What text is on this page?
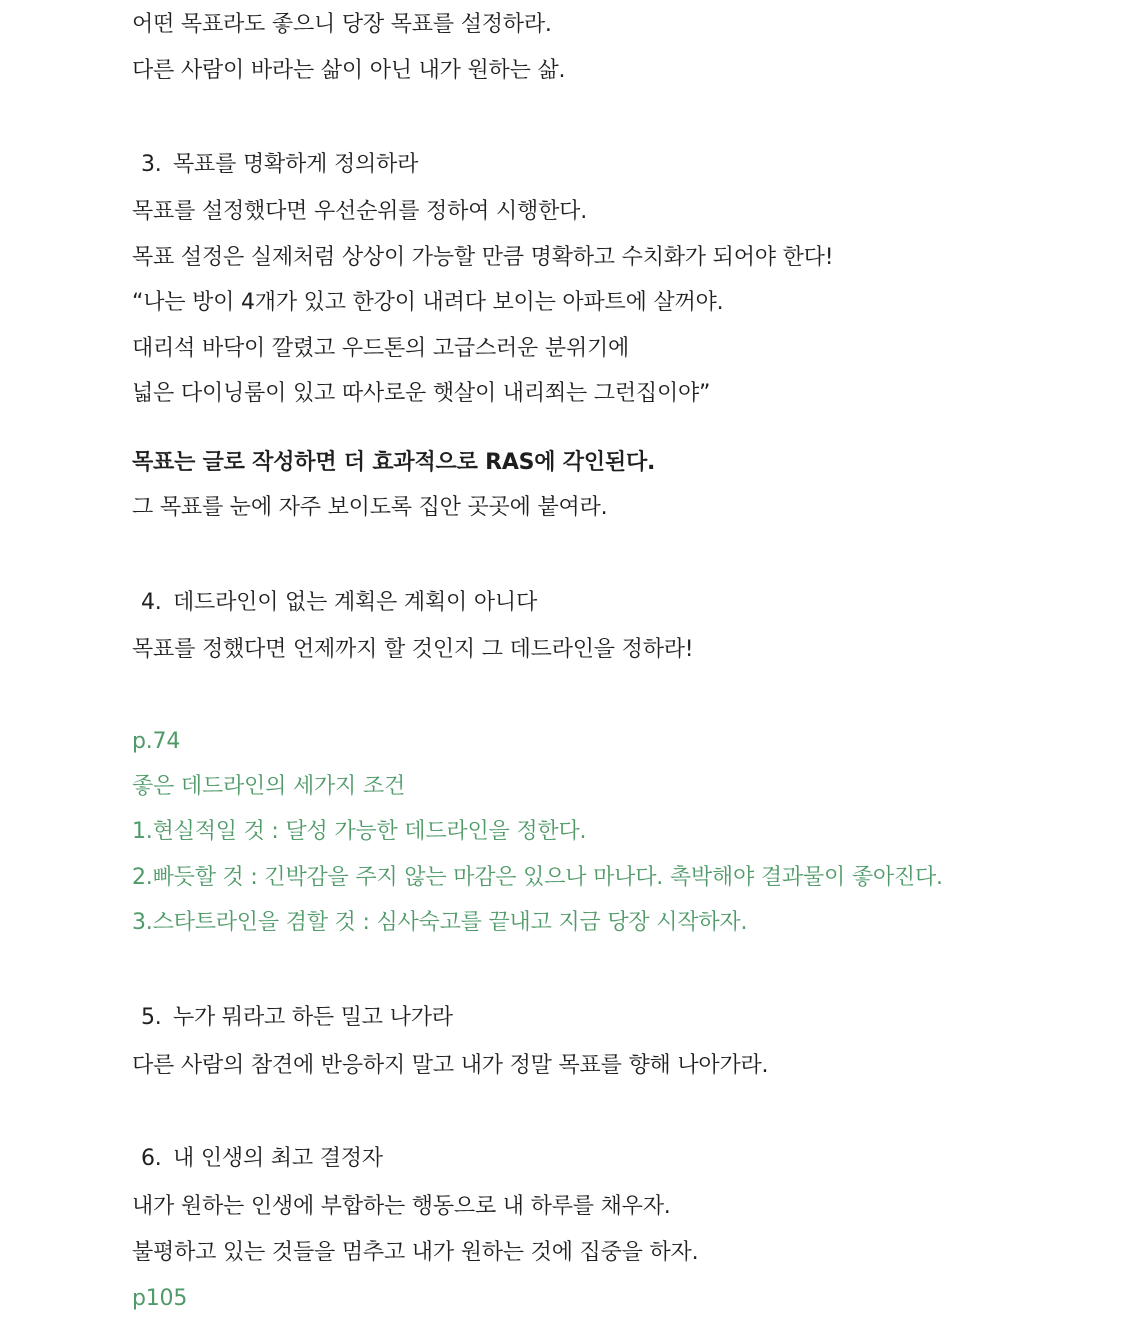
어떤 목표라도 좋으니 당장 목표를 설정하라.
다른 사람이 바라는 삶이 아닌 내가 원하는 삶.
3. 목표를 명확하게 정의하라
목표를 설정했다면 우선순위를 정하여 시행한다.
목표 설정은 실제처럼 상상이 가능할 만큼 명확하고 수치화가 되어야 한다!
“나는 방이 4개가 있고 한강이 내려다 보이는 아파트에 살꺼야.
대리석 바닥이 깔렸고 우드톤의 고급스러운 분위기에
넓은 다이닝룸이 있고 따사로운 햇살이 내리쬐는 그런집이야”
목표는 글로 작성하면 더 효과적으로 RAS에 각인된다.
그 목표를 눈에 자주 보이도록 집안 곳곳에 붙여라.
4. 데드라인이 없는 계획은 계획이 아니다
목표를 정했다면 언제까지 할 것인지 그 데드라인을 정하라!
p.74
좋은 데드라인의 세가지 조건
1.현실적일 것 : 달성 가능한 데드라인을 정한다.
2.빠듯할 것 : 긴박감을 주지 않는 마감은 있으나 마나다. 촉박해야 결과물이 좋아진다.
3.스타트라인을 겸할 것 : 심사숙고를 끝내고 지금 당장 시작하자.
5. 누가 뭐라고 하든 밀고 나가라
다른 사람의 참견에 반응하지 말고 내가 정말 목표를 향해 나아가라.
6. 내 인생의 최고 결정자
내가 원하는 인생에 부합하는 행동으로 내 하루를 채우자.
불평하고 있는 것들을 멈추고 내가 원하는 것에 집중을 하자.
p105
